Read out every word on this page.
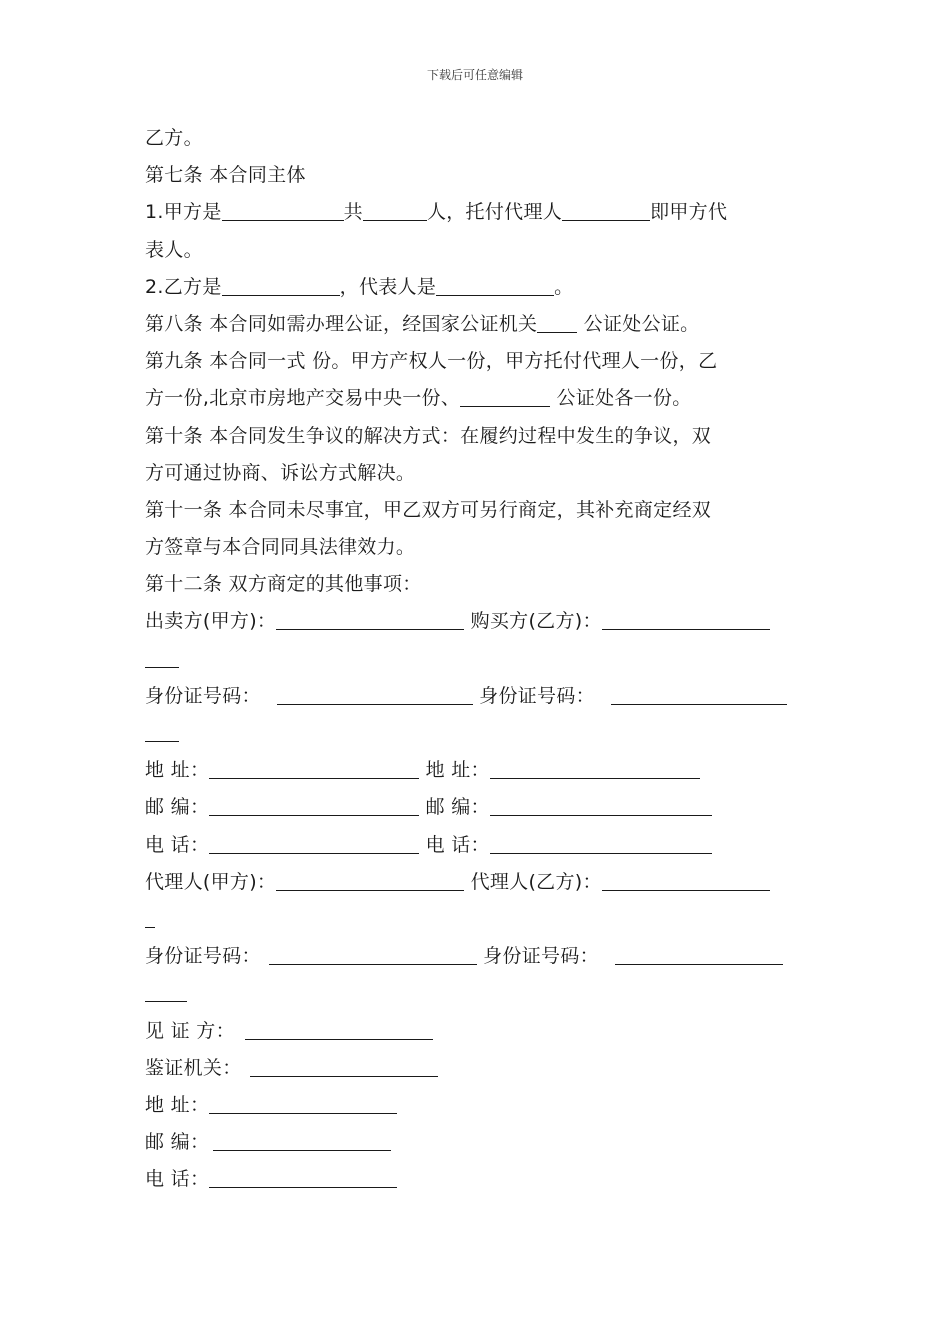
下载后可任意编辑
乙方。
第七条 本合同主体
1.甲方是	共	人，托付代理人	即甲方代
表人。
2.乙方是	，代表人是	。
第八条 本合同如需办理公证，经国家公证机关 公证处公证。
第九条 本合同一式 份。甲方产权人一份，甲方托付代理人一份，乙
方一份,北京市房地产交易中央一份、	公证处各一份。
第十条 本合同发生争议的解决方式：在履约过程中发生的争议，双
方可通过协商、诉讼方式解决。
第十一条 本合同未尽事宜，甲乙双方可另行商定，其补充商定经双
方签章与本合同同具法律效力。
第十二条 双方商定的其他事项：
出卖方(甲方)：	购买方(乙方)：
身份证号码：	身份证号码：
地 址：	地 址：
邮 编：	邮 编：
电 话：	电 话：
代理人(甲方)：	代理人(乙方)：
身份证号码：	身份证号码：
见 证 方：
鉴证机关：
地 址：
邮 编：
电 话：
